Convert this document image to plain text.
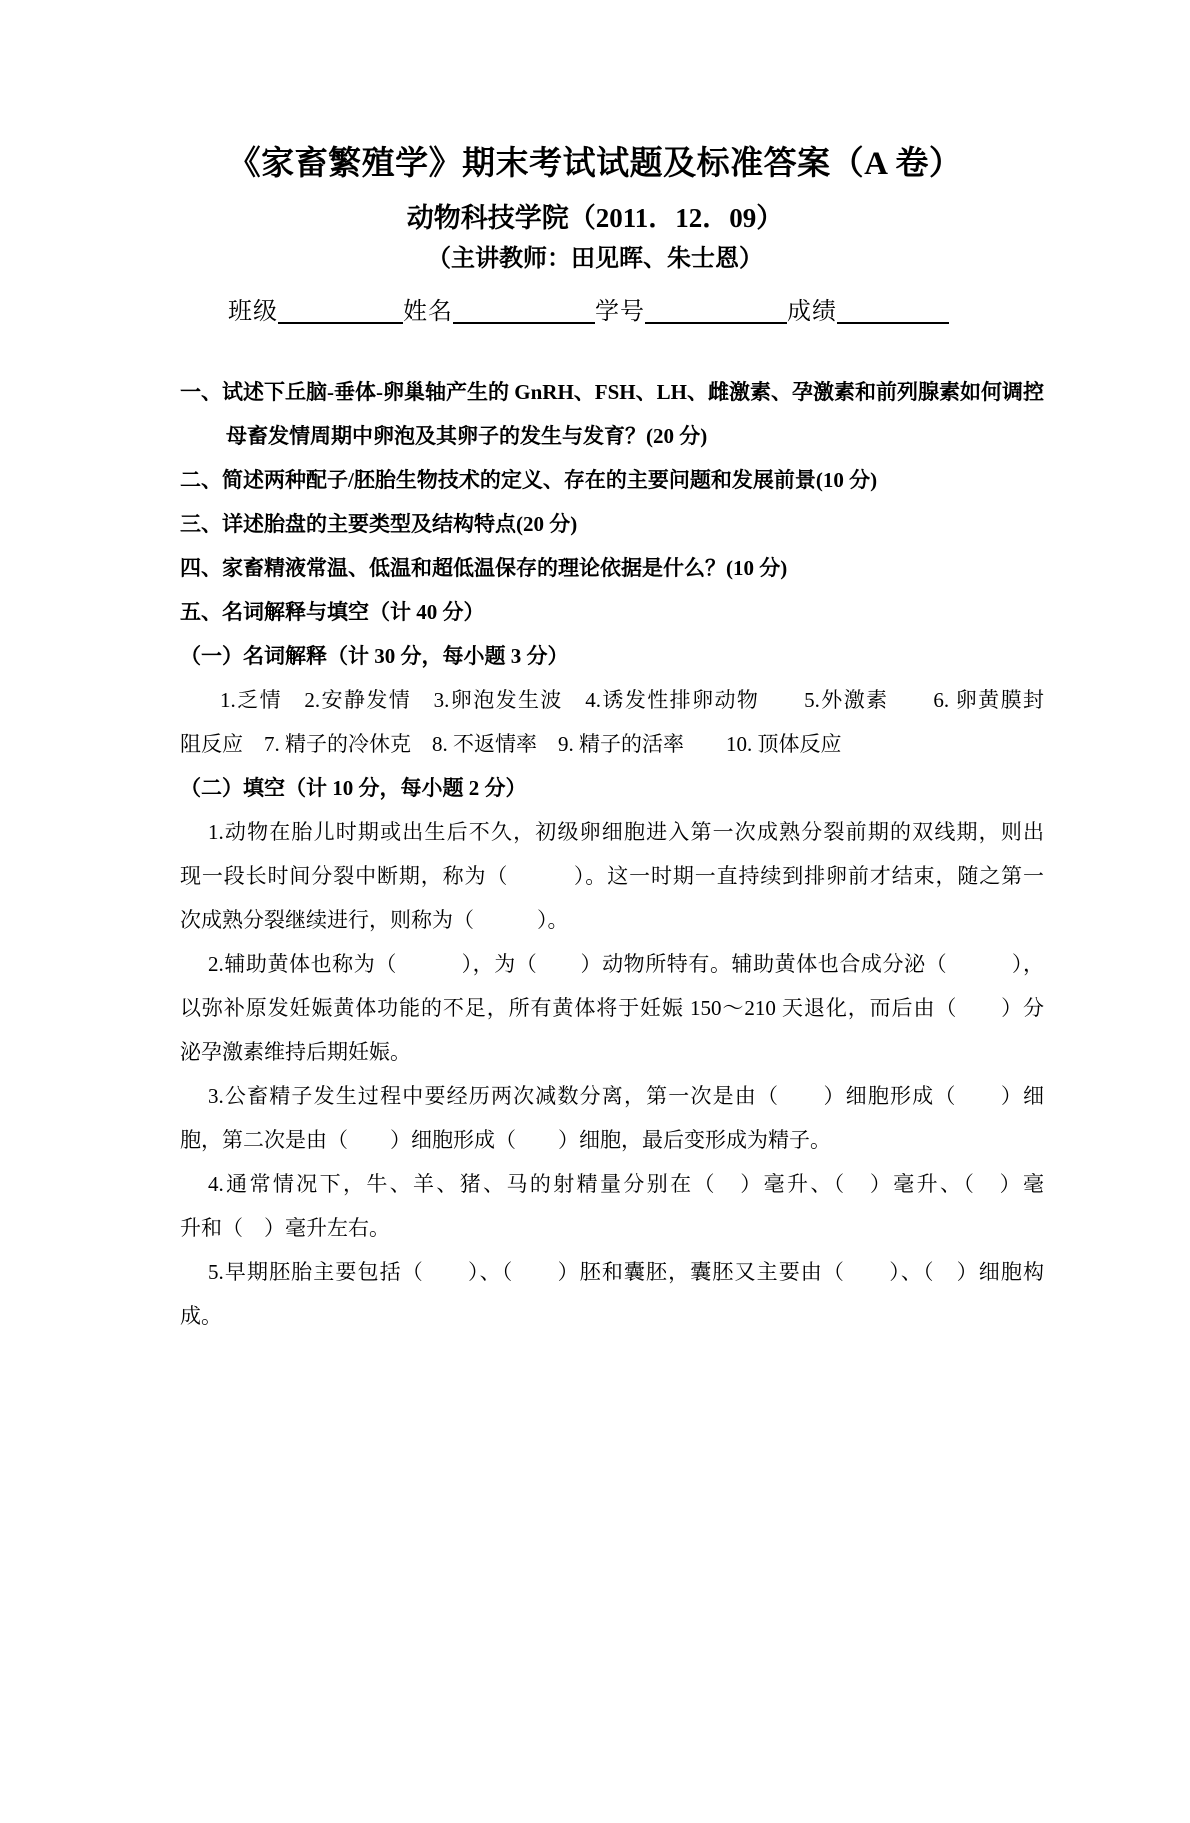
《家畜繁殖学》期末考试试题及标准答案（A 卷）
动物科技学院（2011．12．09）
（主讲教师：田见晖、朱士恩）
班级	姓名	学号	成绩
一、试述下丘脑-垂体-卵巢轴产生的 GnRH、FSH、LH、雌激素、孕激素和前列腺素如何调控
母畜发情周期中卵泡及其卵子的发生与发育？(20 分)
二、简述两种配子/胚胎生物技术的定义、存在的主要问题和发展前景(10 分)
三、详述胎盘的主要类型及结构特点(20 分)
四、家畜精液常温、低温和超低温保存的理论依据是什么？(10 分)
五、名词解释与填空（计 40 分）
（一）名词解释（计 30 分，每小题 3 分）
1.乏情　2.安静发情　3.卵泡发生波　4.诱发性排卵动物　　5.外激素　　6. 卵黄膜封
阻反应　7. 精子的冷休克　8. 不返情率　9. 精子的活率　　10. 顶体反应
（二）填空（计 10 分，每小题 2 分）
1.动物在胎儿时期或出生后不久，初级卵细胞进入第一次成熟分裂前期的双线期，则出
现一段长时间分裂中断期，称为（　　　）。这一时期一直持续到排卵前才结束，随之第一
次成熟分裂继续进行，则称为（　　　）。
2.辅助黄体也称为（　　　），为（　　）动物所特有。辅助黄体也合成分泌（　　　），
以弥补原发妊娠黄体功能的不足，所有黄体将于妊娠 150～210 天退化，而后由（　　）分
泌孕激素维持后期妊娠。
3.公畜精子发生过程中要经历两次减数分离，第一次是由（　　）细胞形成（　　）细
胞，第二次是由（　　）细胞形成（　　）细胞，最后变形成为精子。
4.通常情况下，牛、羊、猪、马的射精量分别在（　）毫升、（　）毫升、（　）毫
升和（　）毫升左右。
5.早期胚胎主要包括（　　）、（　　）胚和囊胚，囊胚又主要由（　　）、（　）细胞构
成。
